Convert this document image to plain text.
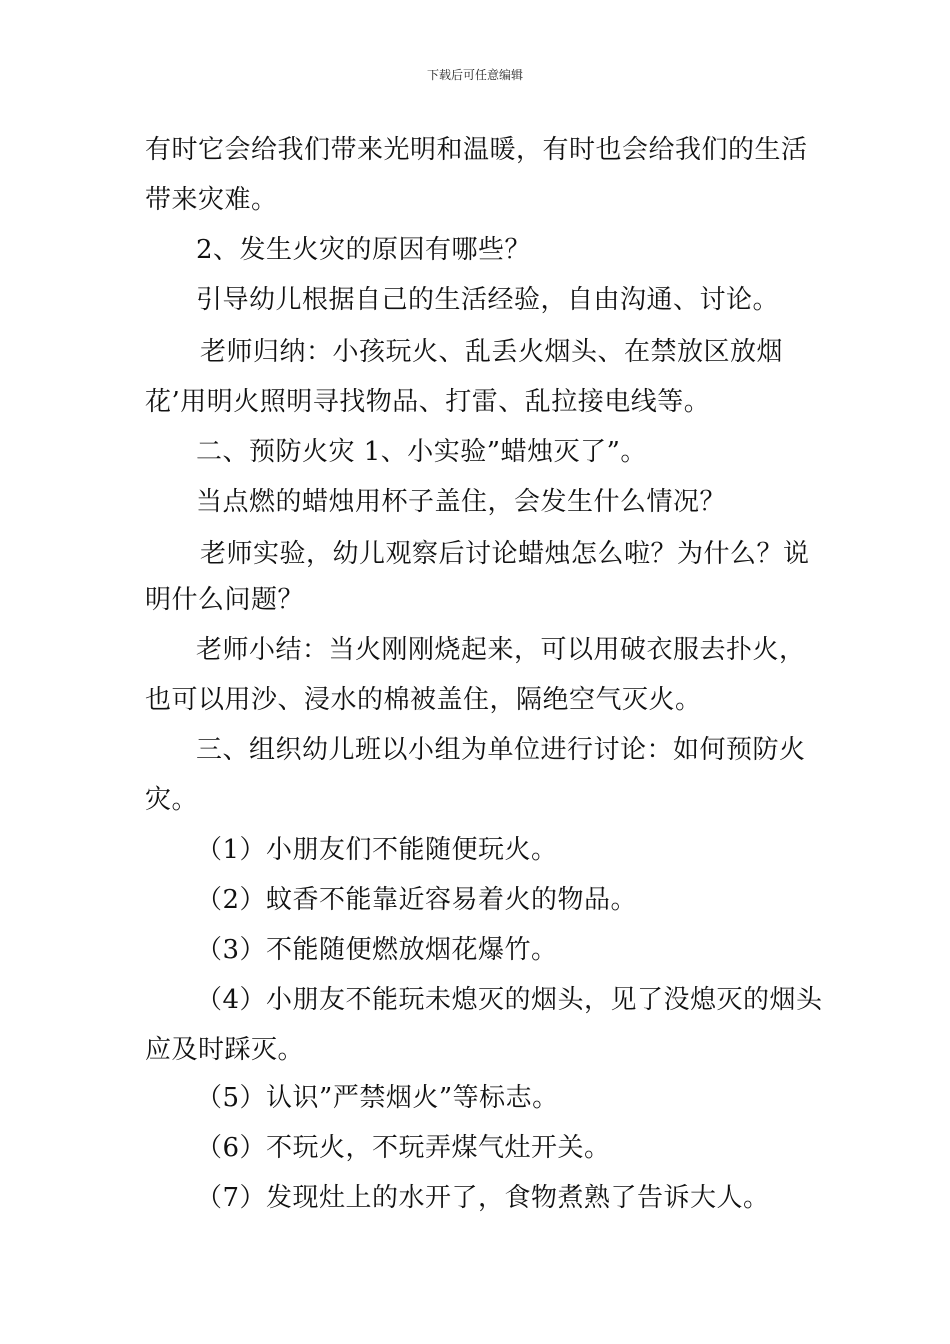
下载后可任意编辑
有时它会给我们带来光明和温暖，有时也会给我们的生活
带来灾难。
2、发生火灾的原因有哪些？
引导幼儿根据自己的生活经验，自由沟通、讨论。
老师归纳：小孩玩火、乱丢火烟头、在禁放区放烟
花’用明火照明寻找物品、打雷、乱拉接电线等。
二、预防火灾 1、小实验”蜡烛灭了”。
当点燃的蜡烛用杯子盖住，会发生什么情况？
老师实验，幼儿观察后讨论蜡烛怎么啦？为什么？说
明什么问题？
老师小结：当火刚刚烧起来，可以用破衣服去扑火，
也可以用沙、浸水的棉被盖住，隔绝空气灭火。
三、组织幼儿班以小组为单位进行讨论：如何预防火
灾。
（1）小朋友们不能随便玩火。
（2）蚊香不能靠近容易着火的物品。
（3）不能随便燃放烟花爆竹。
（4）小朋友不能玩未熄灭的烟头，见了没熄灭的烟头
应及时踩灭。
（5）认识”严禁烟火”等标志。
（6）不玩火，不玩弄煤气灶开关。
（7）发现灶上的水开了，食物煮熟了告诉大人。
